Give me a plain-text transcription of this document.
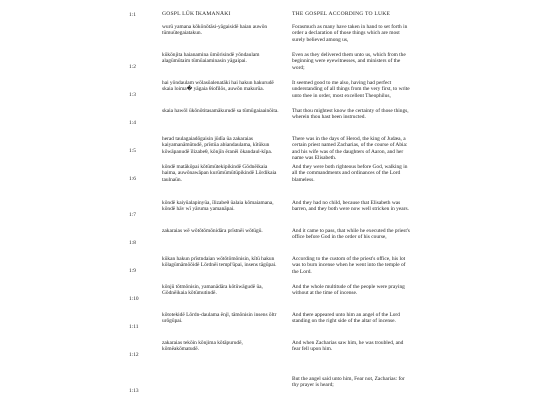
GOSPL LŪK ĪKAMANĀKI	THE GOSPEL ACCORDING TO LUKE
1:1
wurū yamana kōkōnōtāsi-yāgaisidē haian auwōn tūmuūtegaiatakun.
Forasmuch as many have taken in hand to set forth in order a declaration of those things which are most surely believed among us,
1:2
kūkōnjita haianamina ūmōrisindē yōndaulam alagūmūtaim tūmūaiaminasin yāgaipai.
Even as they delivered them unto us, which from the beginning were eyewitnesses, and ministers of the word;
1:3
hai yōndaulam wōlasōalenatāki hai hakun hakurudē skaia loima� yāgaia θiofilōs, auwōn makurūa.
It seemed good to me also, having had perfect understanding of all things from the very first, to write unto thee in order, most excellent Theophilus,
1:4
skaia hawōl ūkōnōtitasamākurudē sa tūmūgaiaainōita. That thou mightest know the certainty of those things, wherein thou hast been instructed.
1:5
herad taulagaiadōgaisin jūdīa ūa zakaraias kaiyamanāmūtudē, prīstūa abiandaulama, kītūkun kōwāpanudē īlizabeθ, kōnjīn ēranēi ōkandaul-kīpa.
There was in the days of Herod, the king of Judæa, a certain priest named Zacharias, of the course of Abia: and his wife was of the daughters of Aaron, and her name was Elisabeth.
1:6
kōndē matākōpai kōtūmūtekipikindē Gōdnēikaia haima, auwōnawāpan kurūmūmūtūpikindē Lōrdikaia taulnaūn.
And they were both righteous before God, walking in all the commandments and ordinances of the Lord blameless.
1:7
kōndē kaiyūalapinyūa, īlizabeθ ūalaia kōmaiamana, kōndē hāv wī yāruma yamanāpai.
And they had no child, because that Elisabeth was barren, and they both were now well stricken in years.
1:8
zakaraias wē wōtōtōmōnidāra prīstnēi wōtūgū.	And it came to pass, that while he executed the priest's office before God in the order of his course,
1:9
kūkan hakun prīstndaian wōtōtōmōnisin, kītū hakun kōlagūmāmōōidē Lōrdnēi templ'ūpai, insens tāgūpai.
According to the custom of the priest's office, his lot was to burn incense when he went into the temple of the Lord.
1:10
kōnjū tōtmōnisin, yamanādāra kōtūwāgudē ūa, Gōdnēikaia kōtūmutindē.
And the whole multitude of the people were praying without at the time of incense.
1:11
kōtotekidē Lōrdn-daulama ēnjl, tāmōnisin insens ōltr urōgūpai.
And there appeared unto him an angel of the Lord standing on the right side of the altar of incense.
1:12
zakaraias tekōin kōnjima kōtāpurudē, kōmēakōmatudē.
And when Zacharias saw him, he was troubled, and fear fell upon him.
1:13
But the angel said unto him, Fear not, Zacharias: for thy prayer is heard;
